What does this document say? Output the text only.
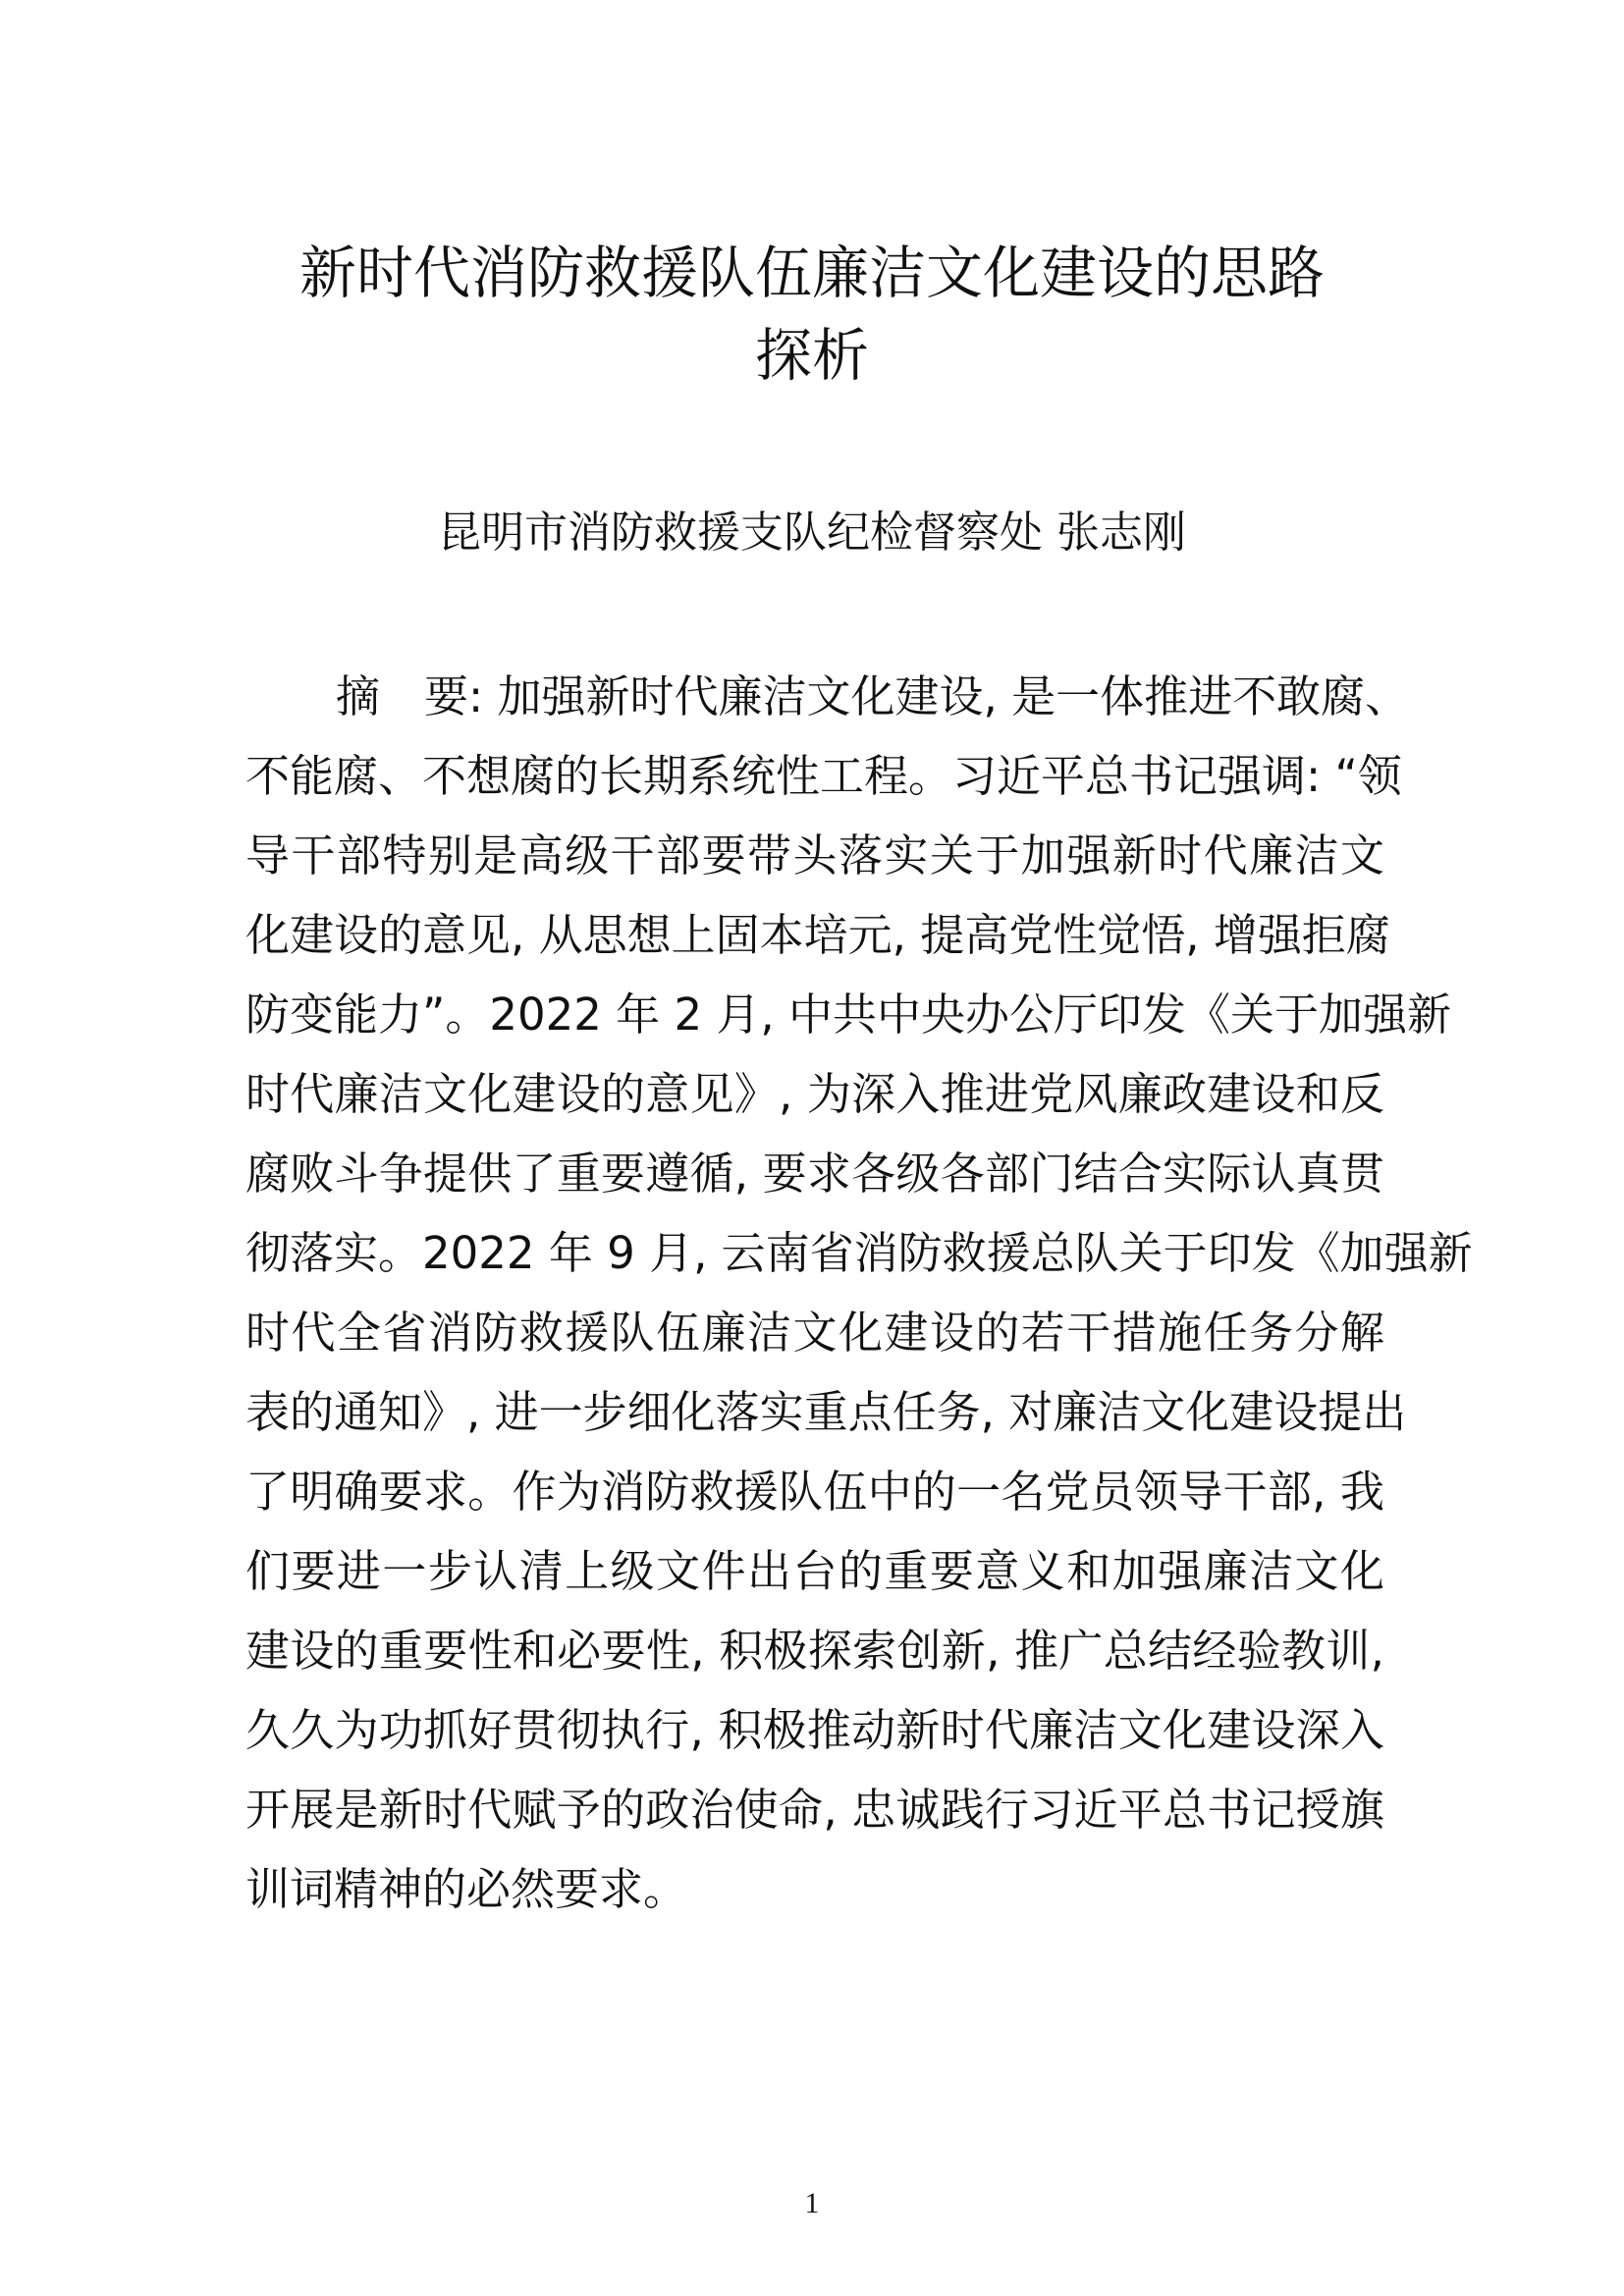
新时代消防救援队伍廉洁文化建设的思路
探析
昆明市消防救援支队纪检督察处 张志刚
摘　要: 加强新时代廉洁文化建设, 是一体推进不敢腐、
不能腐、不想腐的长期系统性工程。习近平总书记强调: “领
导干部特别是高级干部要带头落实关于加强新时代廉洁文
化建设的意见, 从思想上固本培元, 提高党性觉悟, 增强拒腐
防变能力”。2022 年 2 月, 中共中央办公厅印发《关于加强新
时代廉洁文化建设的意见》, 为深入推进党风廉政建设和反
腐败斗争提供了重要遵循, 要求各级各部门结合实际认真贯
彻落实。2022 年 9 月, 云南省消防救援总队关于印发《加强新
时代全省消防救援队伍廉洁文化建设的若干措施任务分解
表的通知》, 进一步细化落实重点任务, 对廉洁文化建设提出
了明确要求。作为消防救援队伍中的一名党员领导干部, 我
们要进一步认清上级文件出台的重要意义和加强廉洁文化
建设的重要性和必要性, 积极探索创新, 推广总结经验教训,
久久为功抓好贯彻执行, 积极推动新时代廉洁文化建设深入
开展是新时代赋予的政治使命, 忠诚践行习近平总书记授旗
训词精神的必然要求。
1
